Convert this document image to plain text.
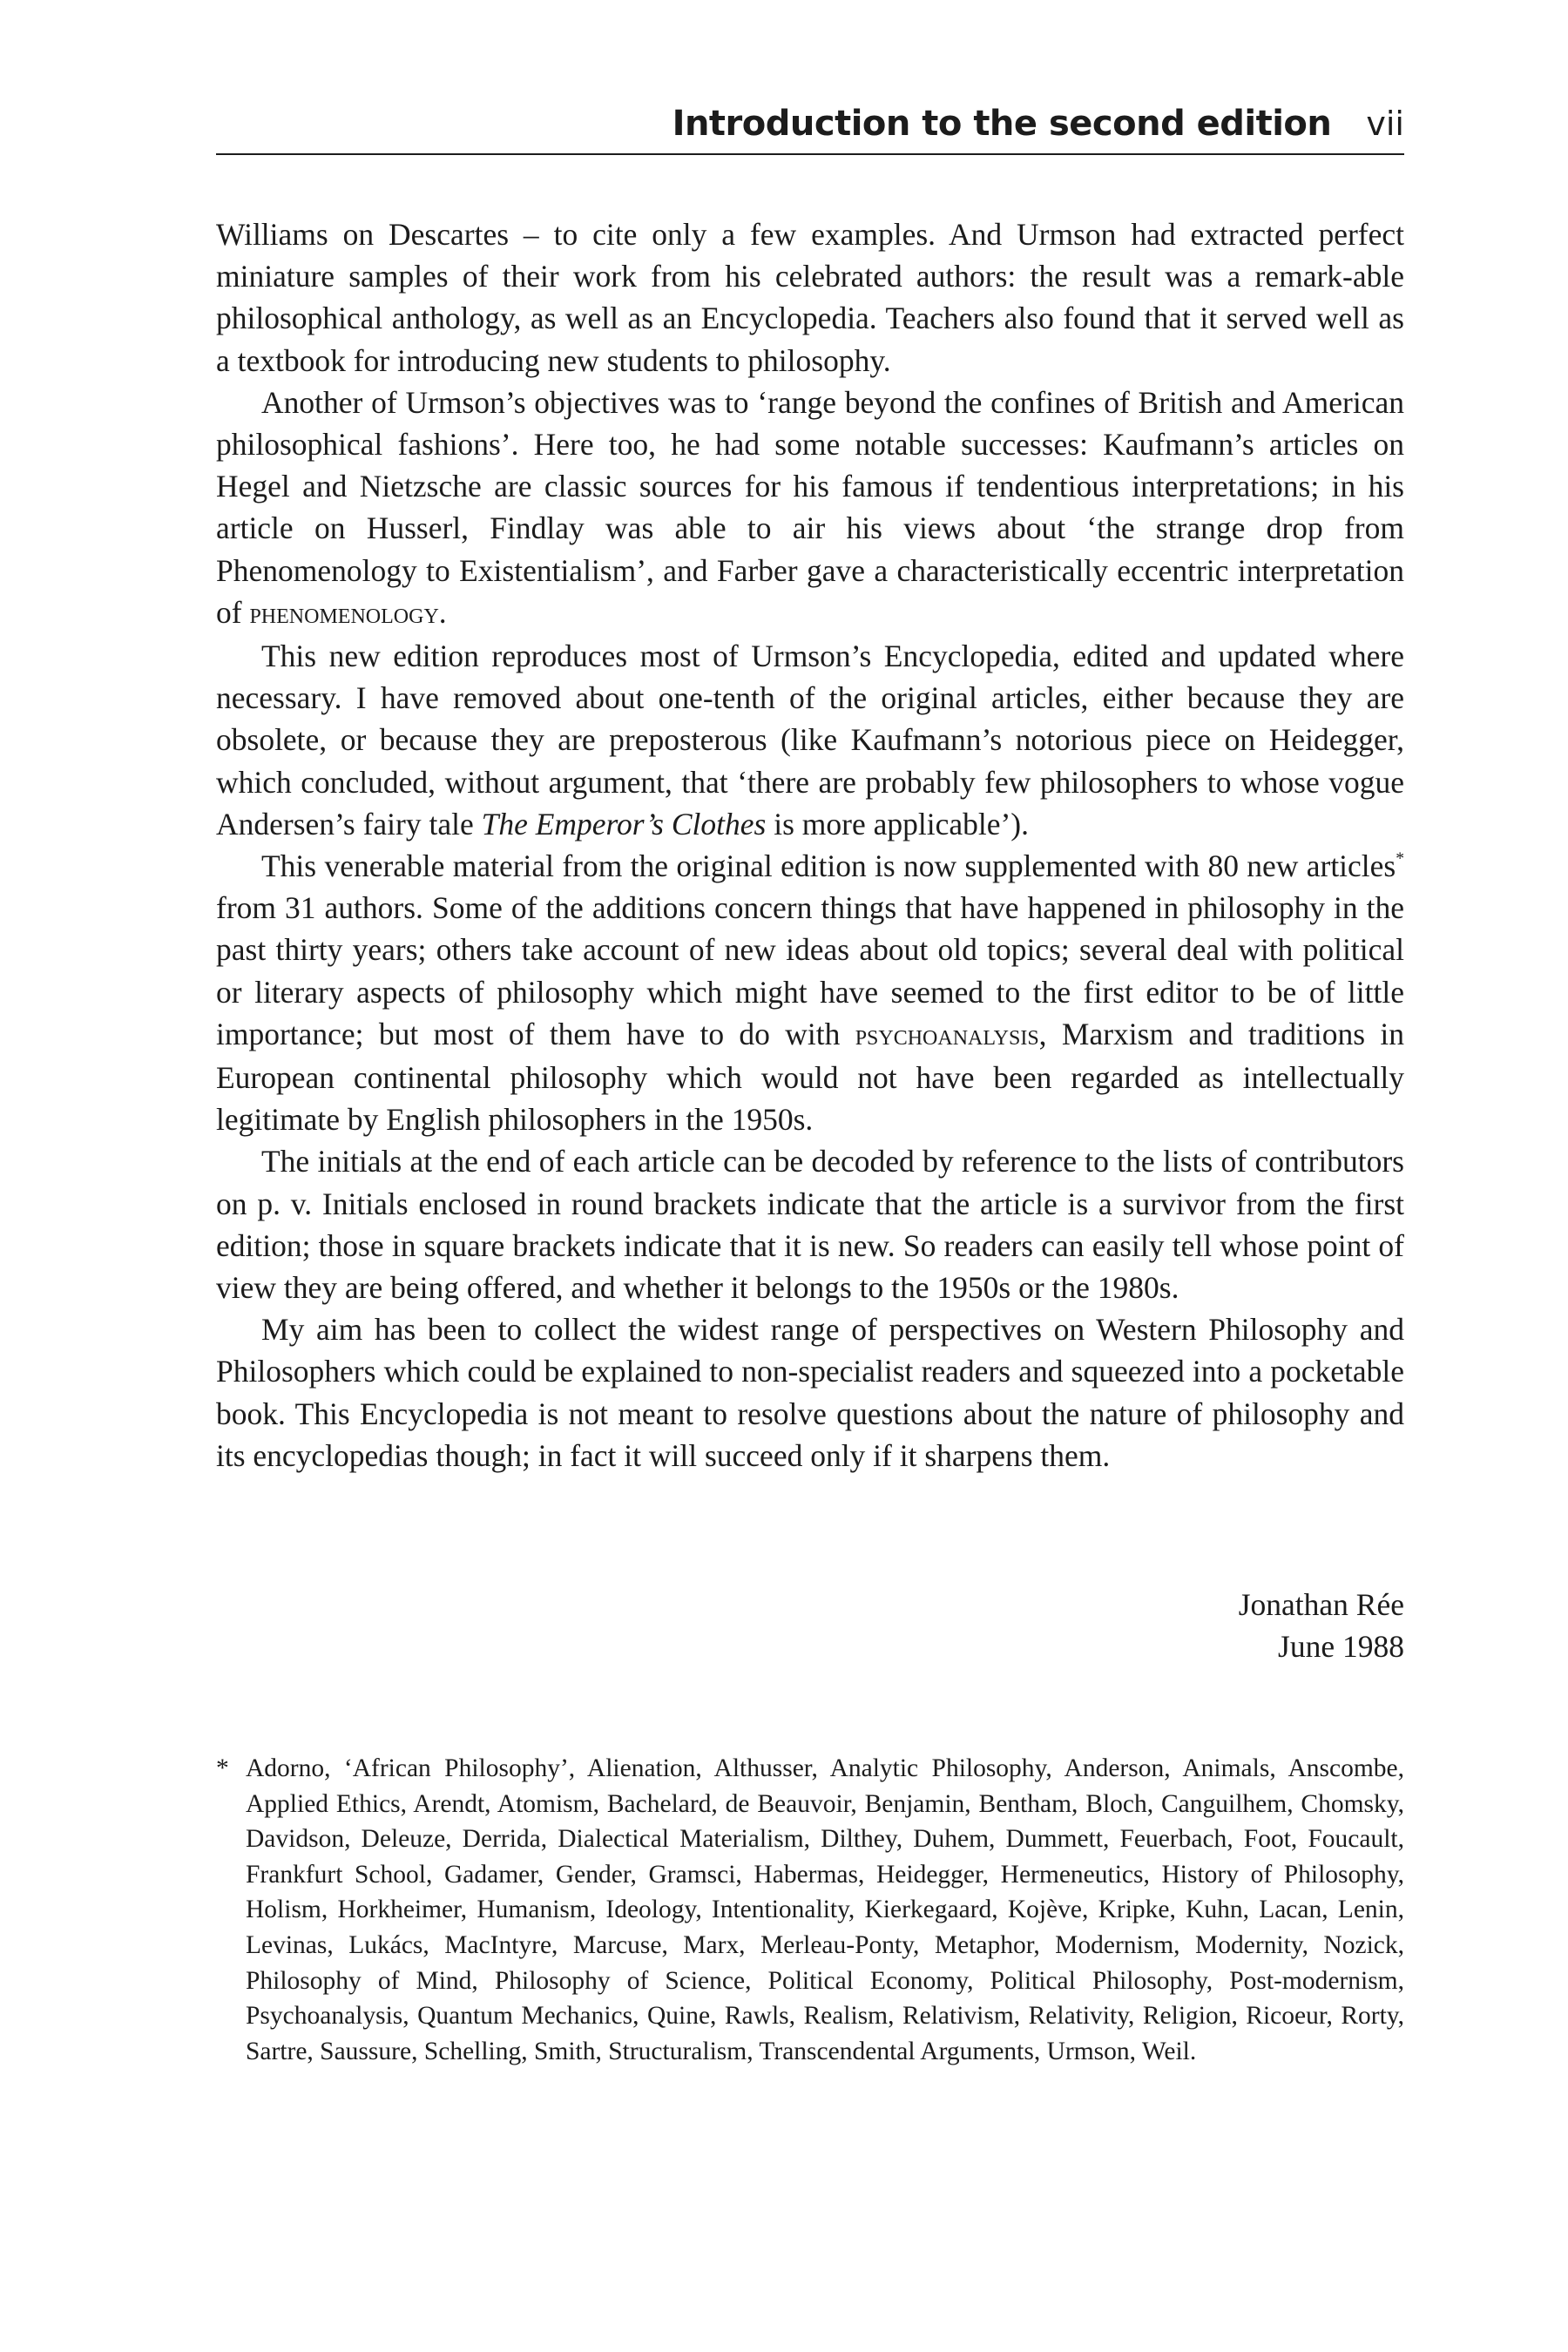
Introduction to the second edition vii

Williams on Descartes – to cite only a few examples. And Urmson had extracted perfect miniature samples of their work from his celebrated authors: the result was a remark-able philosophical anthology, as well as an Encyclopedia. Teachers also found that it served well as a textbook for introducing new students to philosophy.

Another of Urmson’s objectives was to ‘range beyond the confines of British and American philosophical fashions’. Here too, he had some notable successes: Kaufmann’s articles on Hegel and Nietzsche are classic sources for his famous if tendentious interpretations; in his article on Husserl, Findlay was able to air his views about ‘the strange drop from Phenomenology to Existentialism’, and Farber gave a characteristically eccentric interpretation of phenomenology.

This new edition reproduces most of Urmson’s Encyclopedia, edited and updated where necessary. I have removed about one-tenth of the original articles, either because they are obsolete, or because they are preposterous (like Kaufmann’s notorious piece on Heidegger, which concluded, without argument, that ‘there are probably few philosophers to whose vogue Andersen’s fairy tale The Emperor’s Clothes is more applicable’).

This venerable material from the original edition is now supplemented with 80 new articles* from 31 authors. Some of the additions concern things that have happened in philosophy in the past thirty years; others take account of new ideas about old topics; several deal with political or literary aspects of philosophy which might have seemed to the first editor to be of little importance; but most of them have to do with psychoanalysis, Marxism and traditions in European continental philosophy which would not have been regarded as intellectually legitimate by English philosophers in the 1950s.

The initials at the end of each article can be decoded by reference to the lists of contributors on p. v. Initials enclosed in round brackets indicate that the article is a survivor from the first edition; those in square brackets indicate that it is new. So readers can easily tell whose point of view they are being offered, and whether it belongs to the 1950s or the 1980s.

My aim has been to collect the widest range of perspectives on Western Philosophy and Philosophers which could be explained to non-specialist readers and squeezed into a pocketable book. This Encyclopedia is not meant to resolve questions about the nature of philosophy and its encyclopedias though; in fact it will succeed only if it sharpens them.

Jonathan Rée
June 1988
* Adorno, ‘African Philosophy’, Alienation, Althusser, Analytic Philosophy, Anderson, Animals, Anscombe, Applied Ethics, Arendt, Atomism, Bachelard, de Beauvoir, Benjamin, Bentham, Bloch, Canguilhem, Chomsky, Davidson, Deleuze, Derrida, Dialectical Materialism, Dilthey, Duhem, Dummett, Feuerbach, Foot, Foucault, Frankfurt School, Gadamer, Gender, Gramsci, Habermas, Heidegger, Hermeneutics, History of Philosophy, Holism, Horkheimer, Humanism, Ideology, Intentionality, Kierkegaard, Kojève, Kripke, Kuhn, Lacan, Lenin, Levinas, Lukács, MacIntyre, Marcuse, Marx, Merleau-Ponty, Metaphor, Modernism, Modernity, Nozick, Philosophy of Mind, Philosophy of Science, Political Economy, Political Philosophy, Post-modernism, Psychoanalysis, Quantum Mechanics, Quine, Rawls, Realism, Relativism, Relativity, Religion, Ricoeur, Rorty, Sartre, Saussure, Schelling, Smith, Structuralism, Transcendental Arguments, Urmson, Weil.
